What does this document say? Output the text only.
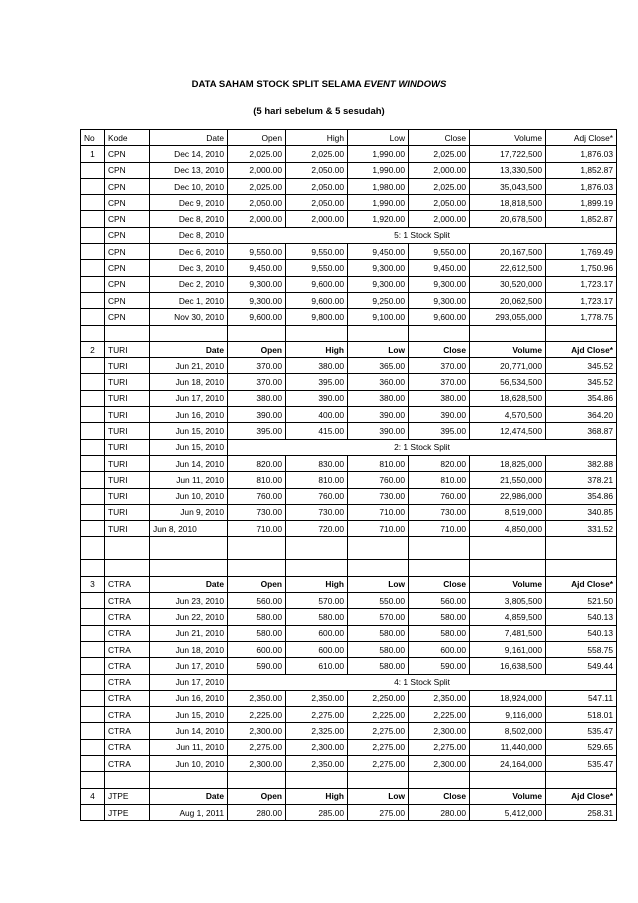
DATA SAHAM STOCK SPLIT SELAMA EVENT WINDOWS
(5 hari sebelum & 5 sesudah)
No	Kode	Date	Open	High	Low	Close	Volume	Adj Close*
1	CPN	Dec 14, 2010	2,025.00	2,025.00	1,990.00	2,025.00	17,722,500	1,876.03
	CPN	Dec 13, 2010	2,000.00	2,050.00	1,990.00	2,000.00	13,330,500	1,852.87
	CPN	Dec 10, 2010	2,025.00	2,050.00	1,980.00	2,025.00	35,043,500	1,876.03
	CPN	Dec 9, 2010	2,050.00	2,050.00	1,990.00	2,050.00	18,818,500	1,899.19
	CPN	Dec 8, 2010	2,000.00	2,000.00	1,920.00	2,000.00	20,678,500	1,852.87
	CPN	Dec 8, 2010	5: 1 Stock Split					
	CPN	Dec 6, 2010	9,550.00	9,550.00	9,450.00	9,550.00	20,167,500	1,769.49
	CPN	Dec 3, 2010	9,450.00	9,550.00	9,300.00	9,450.00	22,612,500	1,750.96
	CPN	Dec 2, 2010	9,300.00	9,600.00	9,300.00	9,300.00	30,520,000	1,723.17
	CPN	Dec 1, 2010	9,300.00	9,600.00	9,250.00	9,300.00	20,062,500	1,723.17
	CPN	Nov 30, 2010	9,600.00	9,800.00	9,100.00	9,600.00	293,055,000	1,778.75

2	TURI	Date	Open	High	Low	Close	Volume	Ajd Close*
	TURI	Jun 21, 2010	370.00	380.00	365.00	370.00	20,771,000	345.52
	TURI	Jun 18, 2010	370.00	395.00	360.00	370.00	56,534,500	345.52
	TURI	Jun 17, 2010	380.00	390.00	380.00	380.00	18,628,500	354.86
	TURI	Jun 16, 2010	390.00	400.00	390.00	390.00	4,570,500	364.20
	TURI	Jun 15, 2010	395.00	415.00	390.00	395.00	12,474,500	368.87
	TURI	Jun 15, 2010	2: 1 Stock Split					
	TURI	Jun 14, 2010	820.00	830.00	810.00	820.00	18,825,000	382.88
	TURI	Jun 11, 2010	810.00	810.00	760.00	810.00	21,550,000	378.21
	TURI	Jun 10, 2010	760.00	760.00	730.00	760.00	22,986,000	354.86
	TURI	Jun 9, 2010	730.00	730.00	710.00	730.00	8,519,000	340.85
	TURI	Jun 8, 2010	710.00	720.00	710.00	710.00	4,850,000	331.52

3	CTRA	Date	Open	High	Low	Close	Volume	Ajd Close*
	CTRA	Jun 23, 2010	560.00	570.00	550.00	560.00	3,805,500	521.50
	CTRA	Jun 22, 2010	580.00	580.00	570.00	580.00	4,859,500	540.13
	CTRA	Jun 21, 2010	580.00	600.00	580.00	580.00	7,481,500	540.13
	CTRA	Jun 18, 2010	600.00	600.00	580.00	600.00	9,161,000	558.75
	CTRA	Jun 17, 2010	590.00	610.00	580.00	590.00	16,638,500	549.44
	CTRA	Jun 17, 2010	4: 1 Stock Split					
	CTRA	Jun 16, 2010	2,350.00	2,350.00	2,250.00	2,350.00	18,924,000	547.11
	CTRA	Jun 15, 2010	2,225.00	2,275.00	2,225.00	2,225.00	9,116,000	518.01
	CTRA	Jun 14, 2010	2,300.00	2,325.00	2,275.00	2,300.00	8,502,000	535.47
	CTRA	Jun 11, 2010	2,275.00	2,300.00	2,275.00	2,275.00	11,440,000	529.65
	CTRA	Jun 10, 2010	2,300.00	2,350.00	2,275.00	2,300.00	24,164,000	535.47

4	JTPE	Date	Open	High	Low	Close	Volume	Ajd Close*
	JTPE	Aug 1, 2011	280.00	285.00	275.00	280.00	5,412,000	258.31
